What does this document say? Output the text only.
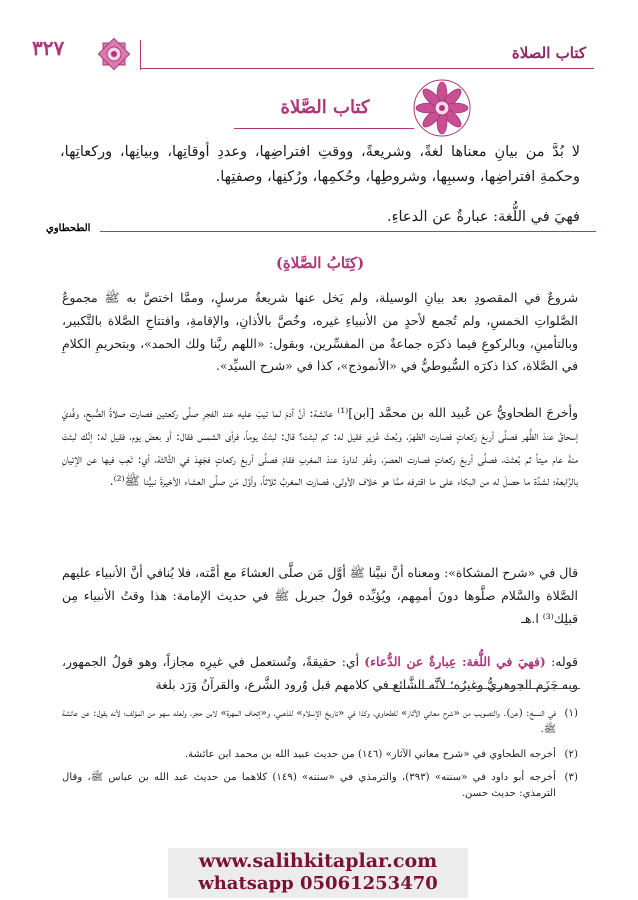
٣٢٧	كتاب الصلاة
كتاب الصَّلاة
لا بُدَّ من بيانِ معناها لغةً، وشريعةً، ووقتِ افتراضِها، وعددِ أوقاتِها، وبيانِها، وركعاتِها، وحكمةِ افتراضِها، وسببِها، وشروطِها، وحُكمِها، ورُكنِها، وصفتِها.
فهيَ في اللُّغة: عبارةٌ عن الدعاءِ.
الطحطاوي
(كِتَابُ الصَّلاةِ)
شروعٌ في المقصودِ بعد بيانِ الوسيلة، ولم يَخل عنها شريعةُ مرسلٍ، وممَّا اختصَّ به ﷺ مجموعُ الصَّلواتِ الخمسِ، ولم تُجمع لأحدٍ من الأنبياءِ غيره، وخُصَّ بالأذانِ، والإقامةِ، وافتتاحِ الصَّلاة بالتَّكبير، وبالتأمينِ، وبالركوعِ فيما ذكرَه جماعةٌ من المفسِّرين، وبقول: «اللهم ربَّنا ولك الحمد»، وبتحريمِ الكلامِ في الصَّلاة، كذا ذكرَه السُّيوطيُّ في «الأنموذج»، كذا في «شرح السيِّد».
وأخرجَ الطحاويُّ عن عُبيد الله بن محمَّد [ابن]⁽¹⁾ عائشة: أنَّ آدمَ لما تيبَ عليه عند الفجرِ صلَّى ركعتين فصارت صلاةُ الصُّبح، وفُديَ إسحاقُ عندَ الظُّهر فصلَّى أربعَ ركعاتٍ فصارت الظهرَ، وبُعثَ عُزير فقيل له: كم لبثت؟ قال: لبثتُ يوماً، فرأى الشمس فقال: أو بعضَ يوم، فقيل له: إنَّك لبثتَ مئةَ عام ميتاً ثم بُعثتَ، فصلَّى أربعَ ركعاتٍ فصارت العصرَ، وغُفر لداودَ عندَ المغربِ فقامَ فصلَّى أربعَ ركعاتٍ فجَهِدَ في الثَّالثة، أي: تَعِب فيها عن الإتيانِ بالرَّابعة؛ لشدَّة ما حصلَ له من البكاء على ما اقترفه ممَّا هو خلاف الأولى، فصارت المغربُ ثلاثاً، وأوَّل مَن صلَّى العشاء الأخيرةَ نبيُّنا ﷺ⁽²⁾.
قال في «شرح المشكاة»: ومعناه أنَّ نبيَّنا ﷺ أوَّل مَن صلَّى العشاءَ مع أمَّته، فلا يُنافي أنَّ الأنبياء عليهم الصَّلاة والسَّلام صلَّوها دونَ أممِهم، ويُؤيِّده قولُ جبريل ﷺ في حديث الإمامة: هذا وقتُ الأنبياء مِن قبلِك⁽³⁾ ا.هـ
قوله: (فهيَ في اللُّغة: عِبارةٌ عن الدُّعاء) أي: حقيقةً، وتُستعمل في غيرِه مجازاً، وهو قولُ الجمهور، وبه جَزَم الجوهريُّ وغيرُه؛ لأنَّه الشَّائع في كلامهم قبل وُرود الشَّرع، والقرآنُ وَرَد بلغة
(١)
في النسخ: (عن). والتصويب من «شرح معاني الآثار» للطحاوي، وكذا في «تاريخ الإسلام» للذهبي، و«إتحاف المهرة» لابن حجر، ولعله سهو من المؤلف؛ لأنه يقول: عن عائشة ﷺ.
(٢)
أخرجه الطحاوي في «شرح معاني الآثار» (١٤٦) من حديث عبيد الله بن محمد ابن عائشة.
(٣)
أخرجه أبو داود في «سننه» (٣٩٣)، والترمذي في «سننه» (١٤٩) كلاهما من حديث عبد الله بن عباس ﷺ، وقال الترمذي: حديث حسن.
www.salihkitaplar.com
whatsapp 05061253470
